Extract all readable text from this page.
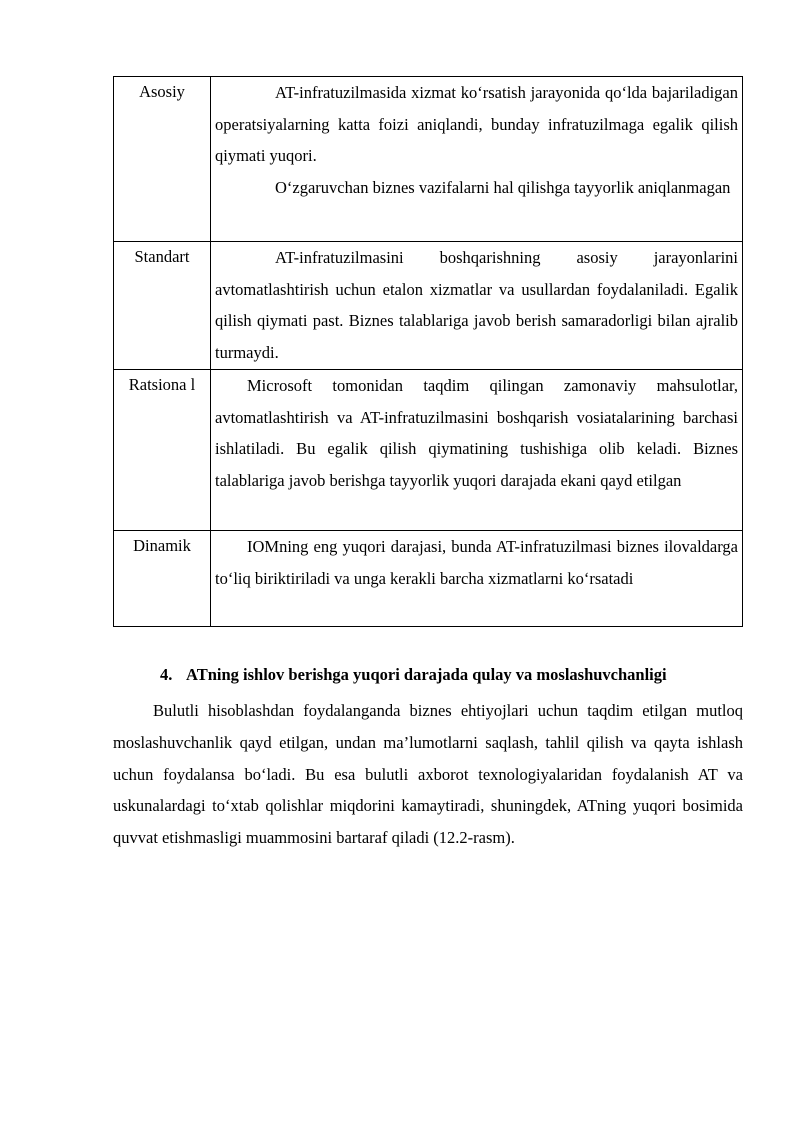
Asosiy	AT-infratuzilmasida xizmat ko‘rsatish jarayonida qo‘lda bajariladigan operatsiyalarning katta foizi aniqlandi, bunday infratuzilmaga egalik qilish qiymati yuqori.

O‘zgaruvchan biznes vazifalarni hal qilishga tayyorlik aniqlanmagan

Standart	AT-infratuzilmasini boshqarishning asosiy jarayonlarini avtomatlashtirish uchun etalon xizmatlar va usullardan foydalaniladi. Egalik qilish qiymati past. Biznes talablariga javob berish samaradorligi bilan ajralib turmaydi.

Ratsiona l	Microsoft tomonidan taqdim qilingan zamonaviy mahsulotlar, avtomatlashtirish va AT-infratuzilmasini boshqarish vosiatalarining barchasi ishlatiladi. Bu egalik qilish qiymatining tushishiga olib keladi. Biznes talablariga javob berishga tayyorlik yuqori darajada ekani qayd etilgan

Dinamik	IOMning eng yuqori darajasi, bunda AT-infratuzilmasi biznes ilovaldarga to‘liq biriktiriladi va unga kerakli barcha xizmatlarni ko‘rsatadi

4. ATning ishlov berishga yuqori darajada qulay va moslashuvchanligi

Bulutli hisoblashdan foydalanganda biznes ehtiyojlari uchun taqdim etilgan mutloq moslashuvchanlik qayd etilgan, undan ma’lumotlarni saqlash, tahlil qilish va qayta ishlash uchun foydalansa bo‘ladi. Bu esa bulutli axborot texnologiyalaridan foydalanish AT va uskunalardagi to‘xtab qolishlar miqdorini kamaytiradi, shuningdek, ATning yuqori bosimida quvvat etishmasligi muammosini bartaraf qiladi (12.2-rasm).
